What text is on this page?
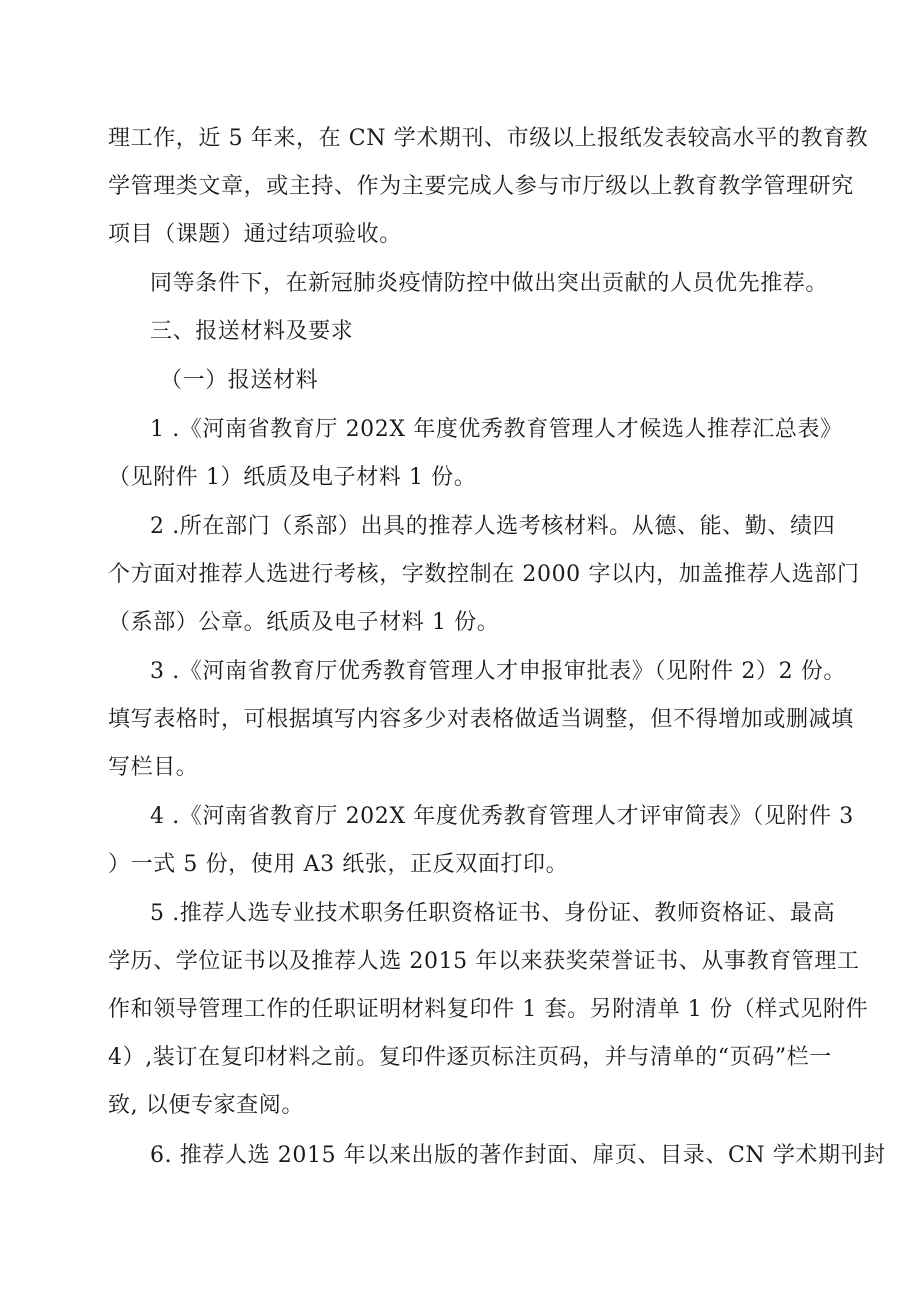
理工作，近 5 年来，在 CN 学术期刊、市级以上报纸发表较高水平的教育教
学管理类文章，或主持、作为主要完成人参与市厅级以上教育教学管理研究
项目（课题）通过结项验收。
同等条件下，在新冠肺炎疫情防控中做出突出贡献的人员优先推荐。
三、报送材料及要求
（一）报送材料
1 .《河南省教育厅 202X 年度优秀教育管理人才候选人推荐汇总表》
（见附件 1）纸质及电子材料 1 份。
2 .所在部门（系部）出具的推荐人选考核材料。从德、能、勤、绩四
个方面对推荐人选进行考核，字数控制在 2000 字以内，加盖推荐人选部门
（系部）公章。纸质及电子材料 1 份。
3 .《河南省教育厅优秀教育管理人才申报审批表》（见附件 2）2 份。
填写表格时，可根据填写内容多少对表格做适当调整，但不得增加或删减填
写栏目。
4 .《河南省教育厅 202X 年度优秀教育管理人才评审简表》（见附件 3
）一式 5 份，使用 A3 纸张，正反双面打印。
5 .推荐人选专业技术职务任职资格证书、身份证、教师资格证、最高
学历、学位证书以及推荐人选 2015 年以来获奖荣誉证书、从事教育管理工
作和领导管理工作的任职证明材料复印件 1 套。另附清单 1 份（样式见附件
4）,装订在复印材料之前。复印件逐页标注页码，并与清单的“页码”栏一
致, 以便专家查阅。
6. 推荐人选 2015 年以来出版的著作封面、扉页、目录、CN 学术期刊封
